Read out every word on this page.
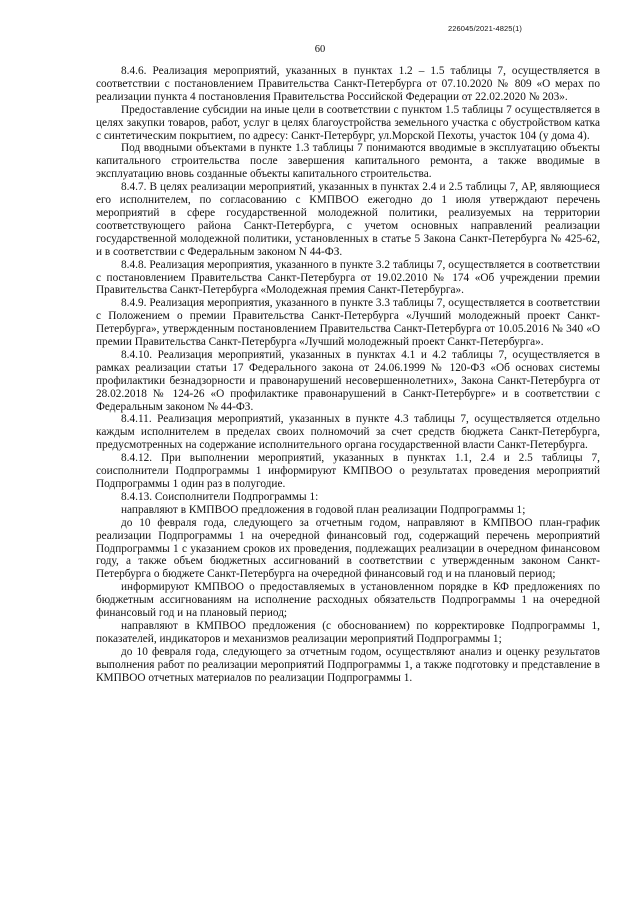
226045/2021-4825(1)
60

8.4.6. Реализация мероприятий, указанных в пунктах 1.2 – 1.5 таблицы 7, осуществляется в соответствии с постановлением Правительства Санкт-Петербурга от 07.10.2020 № 809 «О мерах по реализации пункта 4 постановления Правительства Российской Федерации от 22.02.2020 № 203».

Предоставление субсидии на иные цели в соответствии с пунктом 1.5 таблицы 7 осуществляется в целях закупки товаров, работ, услуг в целях благоустройства земельного участка с обустройством катка с синтетическим покрытием, по адресу: Санкт-Петербург, ул.Морской Пехоты, участок 104 (у дома 4).

Под вводными объектами в пункте 1.3 таблицы 7 понимаются вводимые в эксплуатацию объекты капитального строительства после завершения капитального ремонта, а также вводимые в эксплуатацию вновь созданные объекты капитального строительства.

8.4.7. В целях реализации мероприятий, указанных в пунктах 2.4 и 2.5 таблицы 7, АР, являющиеся его исполнителем, по согласованию с КМПВОО ежегодно до 1 июля утверждают перечень мероприятий в сфере государственной молодежной политики, реализуемых на территории соответствующего района Санкт-Петербурга, с учетом основных направлений реализации государственной молодежной политики, установленных в статье 5 Закона Санкт-Петербурга № 425-62, и в соответствии с Федеральным законом N 44-ФЗ.

8.4.8. Реализация мероприятия, указанного в пункте 3.2 таблицы 7, осуществляется в соответствии с постановлением Правительства Санкт-Петербурга от 19.02.2010 № 174 «Об учреждении премии Правительства Санкт-Петербурга «Молодежная премия Санкт-Петербурга».

8.4.9. Реализация мероприятия, указанного в пункте 3.3 таблицы 7, осуществляется в соответствии с Положением о премии Правительства Санкт-Петербурга «Лучший молодежный проект Санкт-Петербурга», утвержденным постановлением Правительства Санкт-Петербурга от 10.05.2016 № 340 «О премии Правительства Санкт-Петербурга «Лучший молодежный проект Санкт-Петербурга».

8.4.10. Реализация мероприятий, указанных в пунктах 4.1 и 4.2 таблицы 7, осуществляется в рамках реализации статьи 17 Федерального закона от 24.06.1999 № 120-ФЗ «Об основах системы профилактики безнадзорности и правонарушений несовершеннолетних», Закона Санкт-Петербурга от 28.02.2018 № 124-26 «О профилактике правонарушений в Санкт-Петербурге» и в соответствии с Федеральным законом № 44-ФЗ.

8.4.11. Реализация мероприятий, указанных в пункте 4.3 таблицы 7, осуществляется отдельно каждым исполнителем в пределах своих полномочий за счет средств бюджета Санкт-Петербурга, предусмотренных на содержание исполнительного органа государственной власти Санкт-Петербурга.

8.4.12. При выполнении мероприятий, указанных в пунктах 1.1, 2.4 и 2.5 таблицы 7, соисполнители Подпрограммы 1 информируют КМПВОО о результатах проведения мероприятий Подпрограммы 1 один раз в полугодие.

8.4.13. Соисполнители Подпрограммы 1:

направляют в КМПВОО предложения в годовой план реализации Подпрограммы 1;

до 10 февраля года, следующего за отчетным годом, направляют в КМПВОО план-график реализации Подпрограммы 1 на очередной финансовый год, содержащий перечень мероприятий Подпрограммы 1 с указанием сроков их проведения, подлежащих реализации в очередном финансовом году, а также объем бюджетных ассигнований в соответствии с утвержденным законом Санкт-Петербурга о бюджете Санкт-Петербурга на очередной финансовый год и на плановый период;

информируют КМПВОО о предоставляемых в установленном порядке в КФ предложениях по бюджетным ассигнованиям на исполнение расходных обязательств Подпрограммы 1 на очередной финансовый год и на плановый период;

направляют в КМПВОО предложения (с обоснованием) по корректировке Подпрограммы 1, показателей, индикаторов и механизмов реализации мероприятий Подпрограммы 1;

до 10 февраля года, следующего за отчетным годом, осуществляют анализ и оценку результатов выполнения работ по реализации мероприятий Подпрограммы 1, а также подготовку и представление в КМПВОО отчетных материалов по реализации Подпрограммы 1.
